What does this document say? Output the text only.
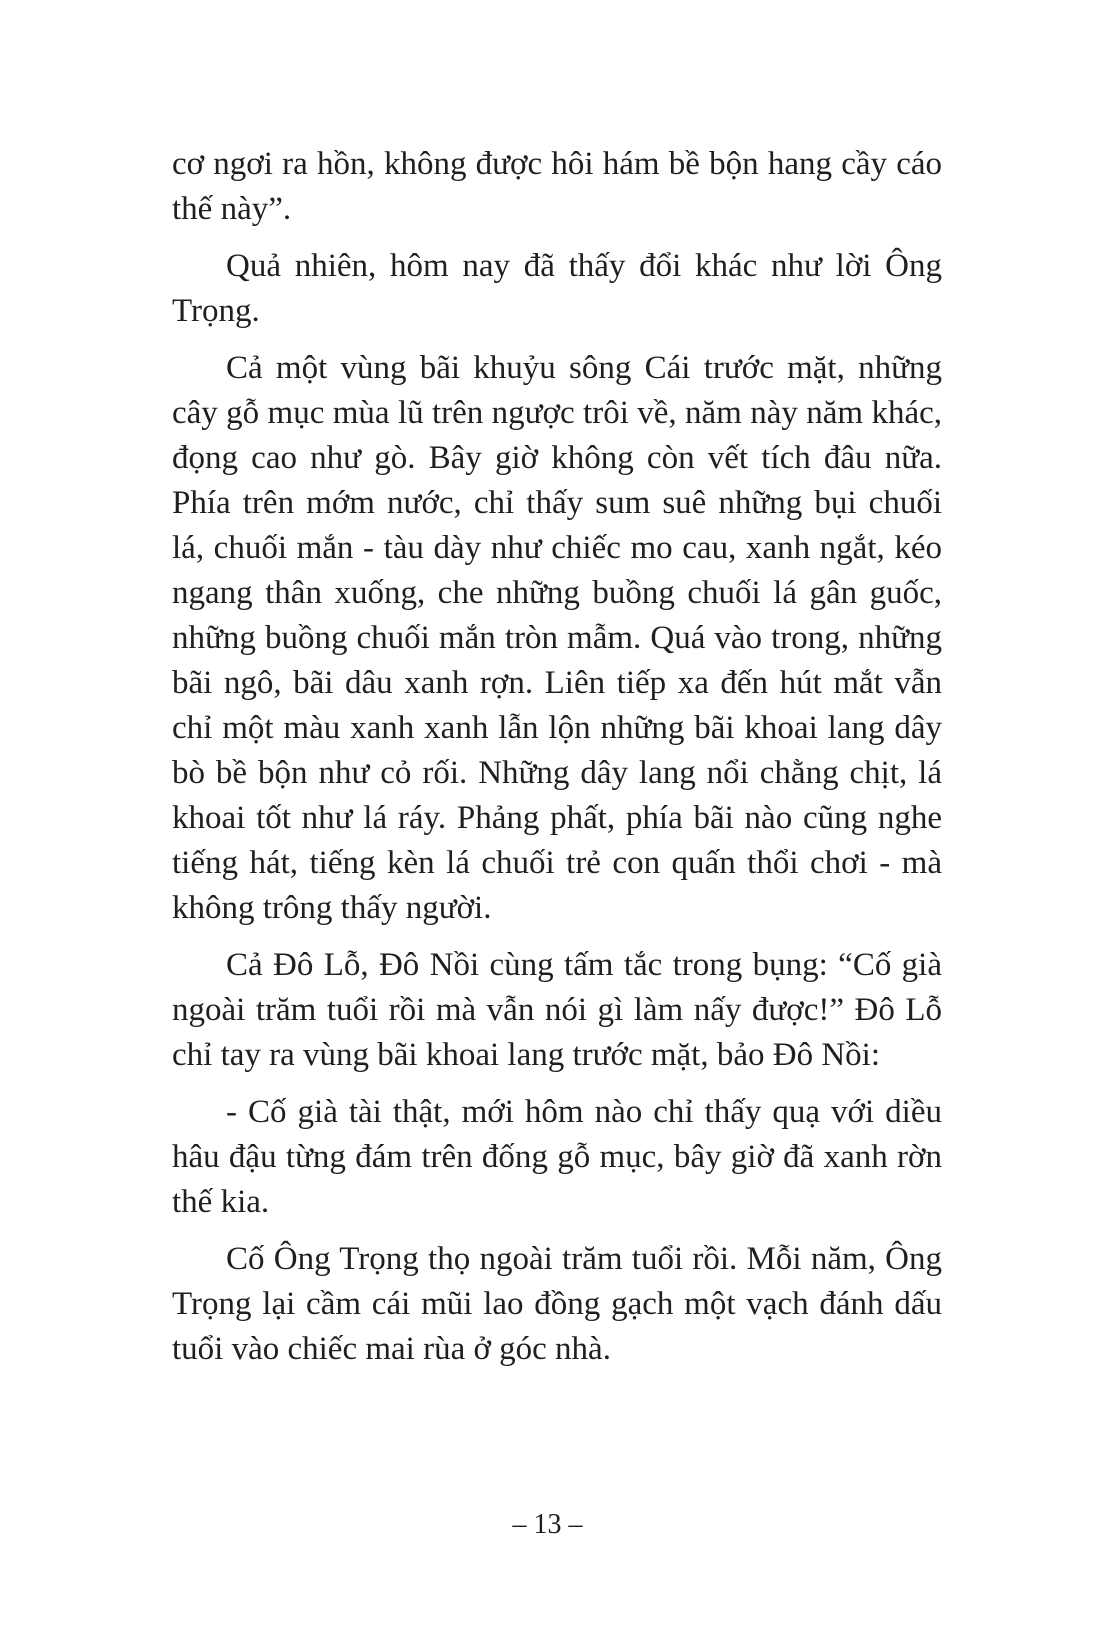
cơ ngơi ra hồn, không được hôi hám bề bộn hang cầy cáo thế này”.

Quả nhiên, hôm nay đã thấy đổi khác như lời Ông Trọng.

Cả một vùng bãi khuỷu sông Cái trước mặt, những cây gỗ mục mùa lũ trên ngược trôi về, năm này năm khác, đọng cao như gò. Bây giờ không còn vết tích đâu nữa. Phía trên mớm nước, chỉ thấy sum suê những bụi chuối lá, chuối mắn - tàu dày như chiếc mo cau, xanh ngắt, kéo ngang thân xuống, che những buồng chuối lá gân guốc, những buồng chuối mắn tròn mẫm. Quá vào trong, những bãi ngô, bãi dâu xanh rợn. Liên tiếp xa đến hút mắt vẫn chỉ một màu xanh xanh lẫn lộn những bãi khoai lang dây bò bề bộn như cỏ rối. Những dây lang nổi chằng chịt, lá khoai tốt như lá ráy. Phảng phất, phía bãi nào cũng nghe tiếng hát, tiếng kèn lá chuối trẻ con quấn thổi chơi - mà không trông thấy người.

Cả Đô Lỗ, Đô Nồi cùng tấm tắc trong bụng: “Cố già ngoài trăm tuổi rồi mà vẫn nói gì làm nấy được!” Đô Lỗ chỉ tay ra vùng bãi khoai lang trước mặt, bảo Đô Nồi:

- Cố già tài thật, mới hôm nào chỉ thấy quạ với diều hâu đậu từng đám trên đống gỗ mục, bây giờ đã xanh rờn thế kia.

Cố Ông Trọng thọ ngoài trăm tuổi rồi. Mỗi năm, Ông Trọng lại cầm cái mũi lao đồng gạch một vạch đánh dấu tuổi vào chiếc mai rùa ở góc nhà.

– 13 –
